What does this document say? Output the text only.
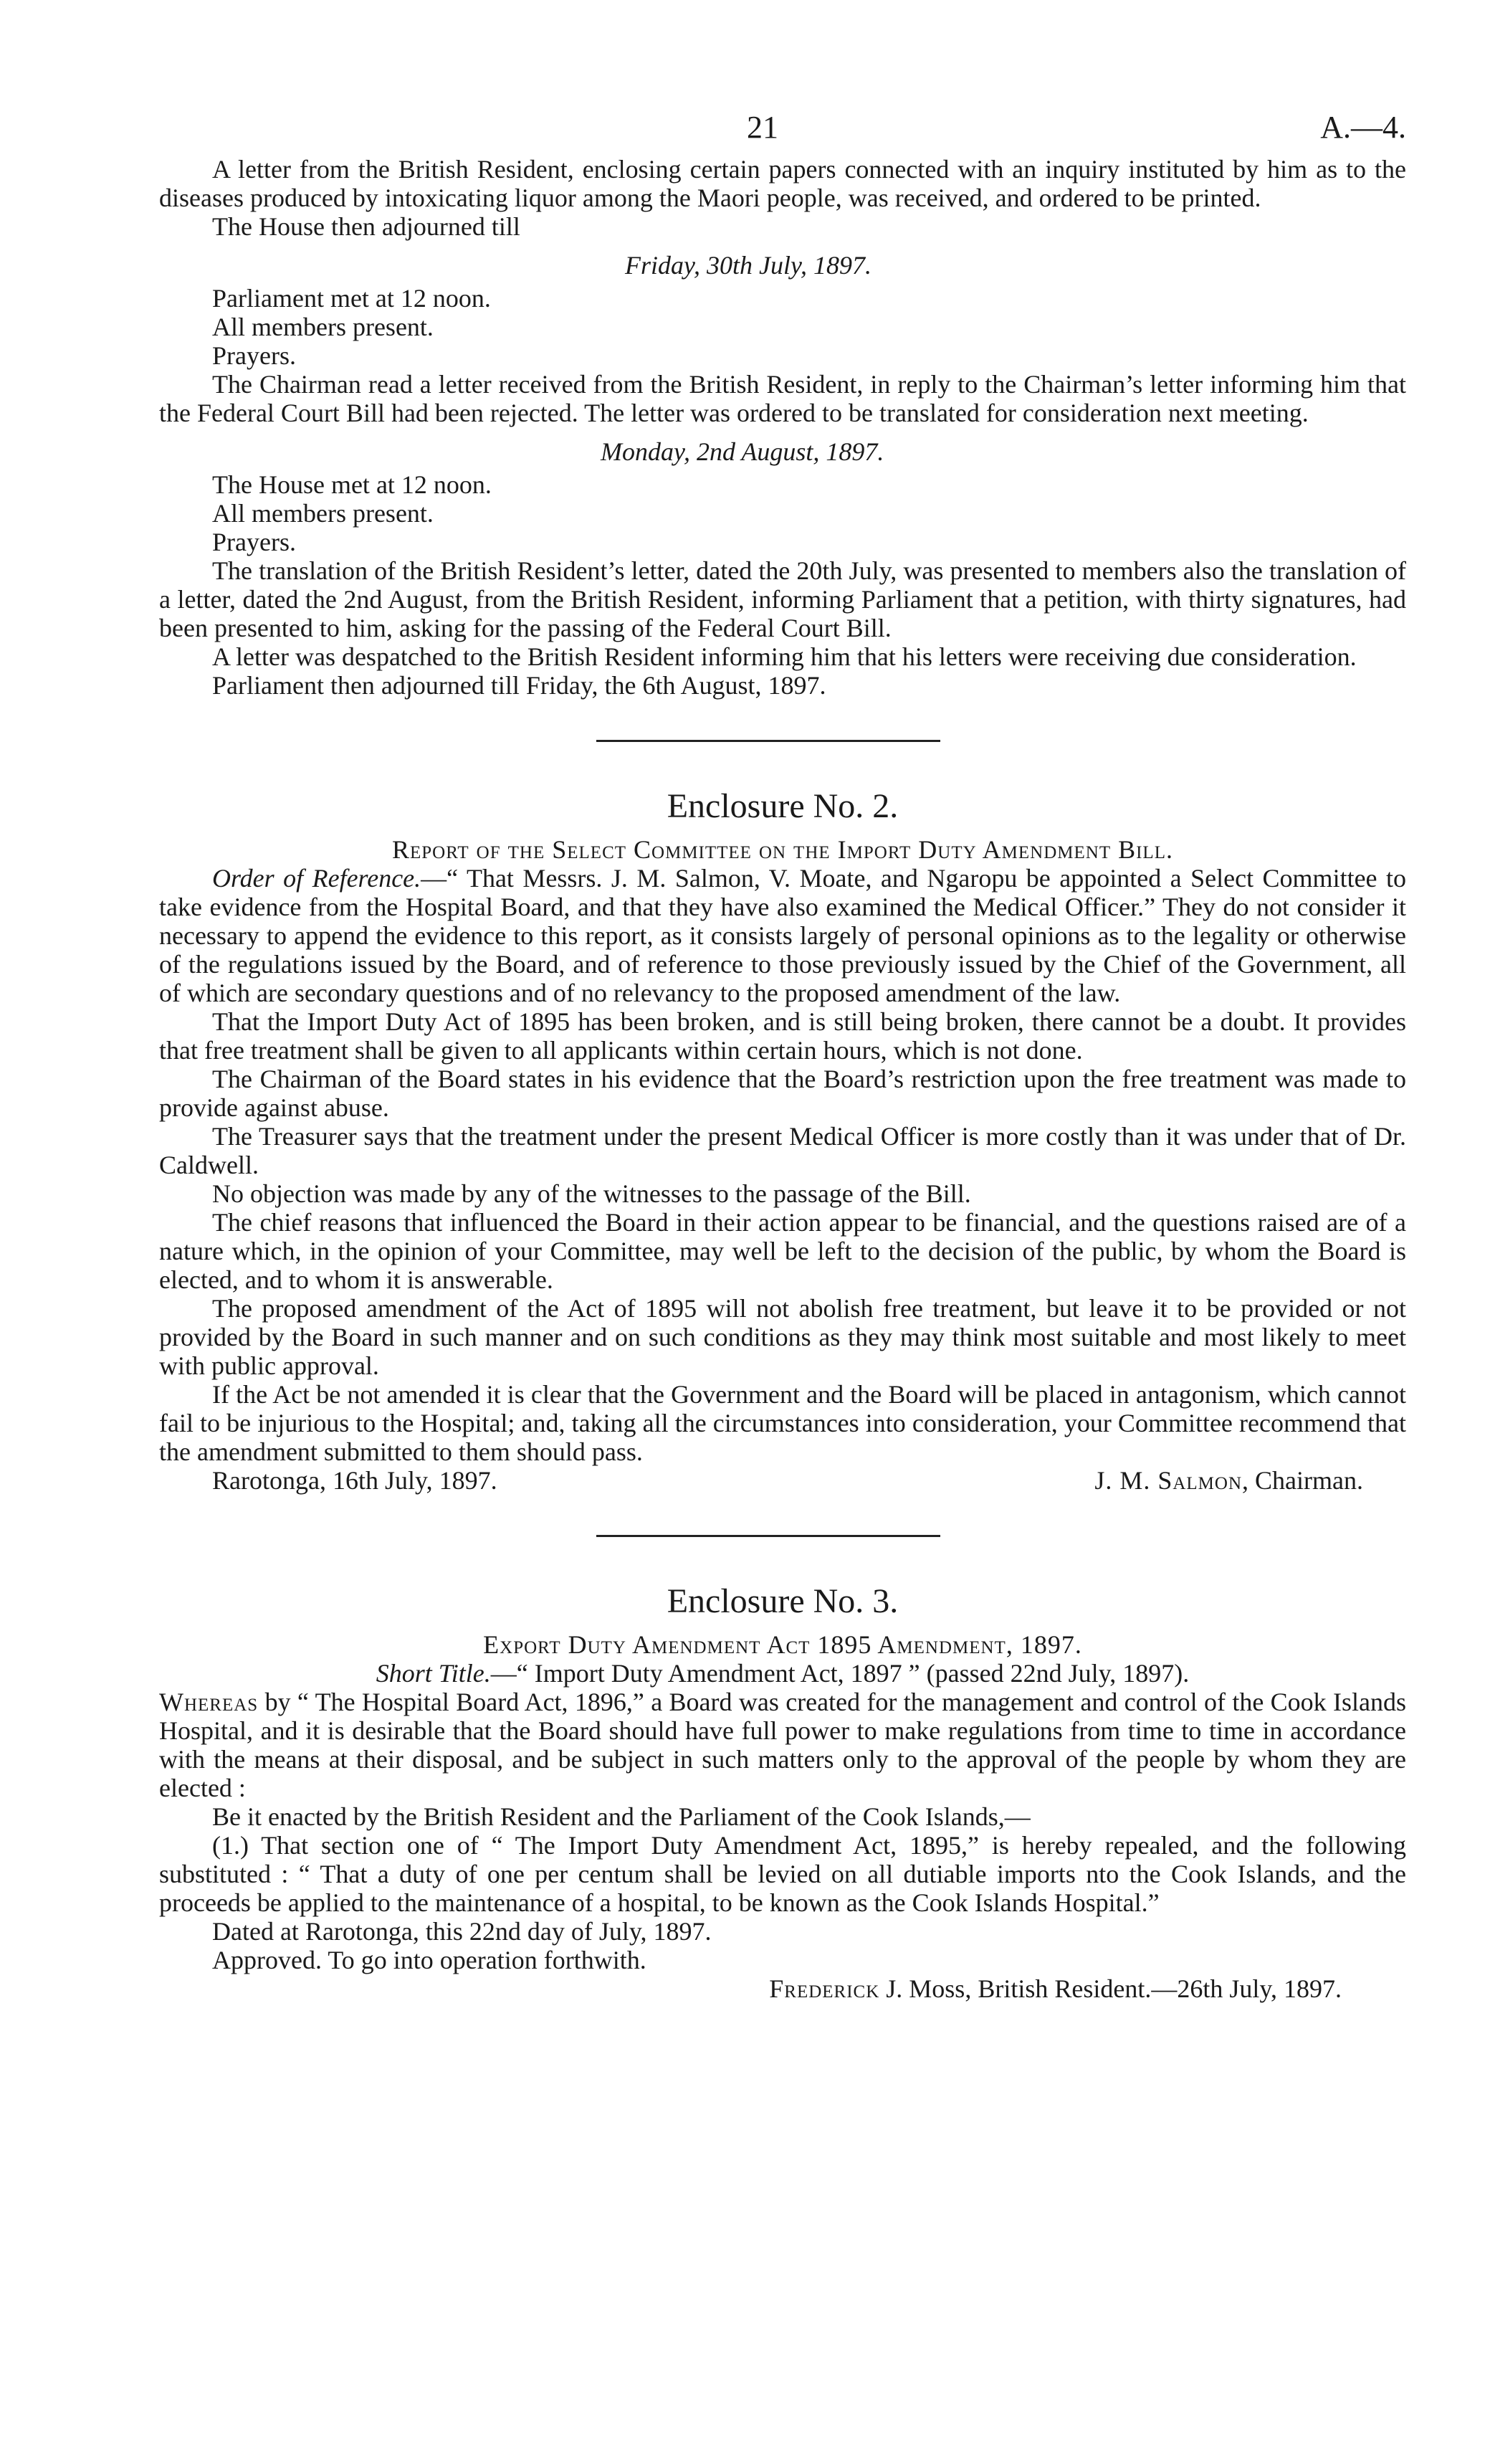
21	A.—4.

A letter from the British Resident, enclosing certain papers connected with an inquiry instituted by him as to the diseases produced by intoxicating liquor among the Maori people, was received, and ordered to be printed.

The House then adjourned till

Friday, 30th July, 1897.

Parliament met at 12 noon.

All members present.

Prayers.

The Chairman read a letter received from the British Resident, in reply to the Chairman’s letter informing him that the Federal Court Bill had been rejected. The letter was ordered to be translated for consideration next meeting.

Monday, 2nd August, 1897.

The House met at 12 noon.

All members present.

Prayers.

The translation of the British Resident’s letter, dated the 20th July, was presented to members also the translation of a letter, dated the 2nd August, from the British Resident, informing Parliament that a petition, with thirty signatures, had been presented to him, asking for the passing of the Federal Court Bill.

A letter was despatched to the British Resident informing him that his letters were receiving due consideration.

Parliament then adjourned till Friday, the 6th August, 1897.

Enclosure No. 2.
Report of the Select Committee on the Import Duty Amendment Bill.

Order of Reference.—“ That Messrs. J. M. Salmon, V. Moate, and Ngaropu be appointed a Select Committee to take evidence from the Hospital Board, and that they have also examined the Medical Officer.” They do not consider it necessary to append the evidence to this report, as it consists largely of personal opinions as to the legality or otherwise of the regulations issued by the Board, and of reference to those previously issued by the Chief of the Government, all of which are secondary questions and of no relevancy to the proposed amendment of the law.

That the Import Duty Act of 1895 has been broken, and is still being broken, there cannot be a doubt. It provides that free treatment shall be given to all applicants within certain hours, which is not done.

The Chairman of the Board states in his evidence that the Board’s restriction upon the free treatment was made to provide against abuse.

The Treasurer says that the treatment under the present Medical Officer is more costly than it was under that of Dr. Caldwell.

No objection was made by any of the witnesses to the passage of the Bill.

The chief reasons that influenced the Board in their action appear to be financial, and the questions raised are of a nature which, in the opinion of your Committee, may well be left to the decision of the public, by whom the Board is elected, and to whom it is answerable.

The proposed amendment of the Act of 1895 will not abolish free treatment, but leave it to be provided or not provided by the Board in such manner and on such conditions as they may think most suitable and most likely to meet with public approval.

If the Act be not amended it is clear that the Government and the Board will be placed in antagonism, which cannot fail to be injurious to the Hospital; and, taking all the circumstances into consideration, your Committee recommend that the amendment submitted to them should pass.

Rarotonga, 16th July, 1897.	J. M. Salmon, Chairman.
Enclosure No. 3.
Export Duty Amendment Act 1895 Amendment, 1897.

Short Title.—“ Import Duty Amendment Act, 1897 ” (passed 22nd July, 1897).

Whereas by “ The Hospital Board Act, 1896,” a Board was created for the management and control of the Cook Islands Hospital, and it is desirable that the Board should have full power to make regulations from time to time in accordance with the means at their disposal, and be subject in such matters only to the approval of the people by whom they are elected :

Be it enacted by the British Resident and the Parliament of the Cook Islands,—

(1.) That section one of “ The Import Duty Amendment Act, 1895,” is hereby repealed, and the following substituted : “ That a duty of one per centum shall be levied on all dutiable imports nto the Cook Islands, and the proceeds be applied to the maintenance of a hospital, to be known as the Cook Islands Hospital.”

Dated at Rarotonga, this 22nd day of July, 1897.

Approved. To go into operation forthwith.

Frederick J. Moss, British Resident.—26th July, 1897.
